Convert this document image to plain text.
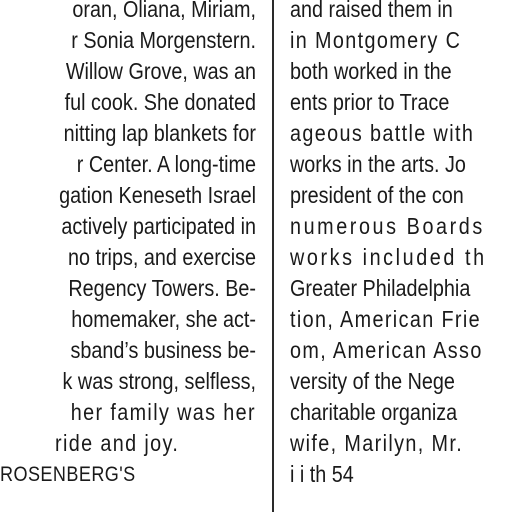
oran, Oliana, Miriam,
r Sonia Morgenstern.
Willow Grove, was an
ful cook. She donated
nitting lap blankets for
r Center. A long-time
gation Keneseth Israel
actively participated in
no trips, and exercise
Regency Towers. Be-
homemaker, she act-
sband’s business be-
k was strong, selfless,
her family was her
ride and joy.
ROSENBERG'S
and raised them in
in Montgomery C
both worked in the
ents prior to Trace
ageous battle with
works in the arts. Jo
president of the con
numerous Boards
works included th
Greater Philadelphia
tion, American Frie
om, American Asso
versity of the Nege
charitable organiza
wife, Marilyn, Mr.
i i th 54
